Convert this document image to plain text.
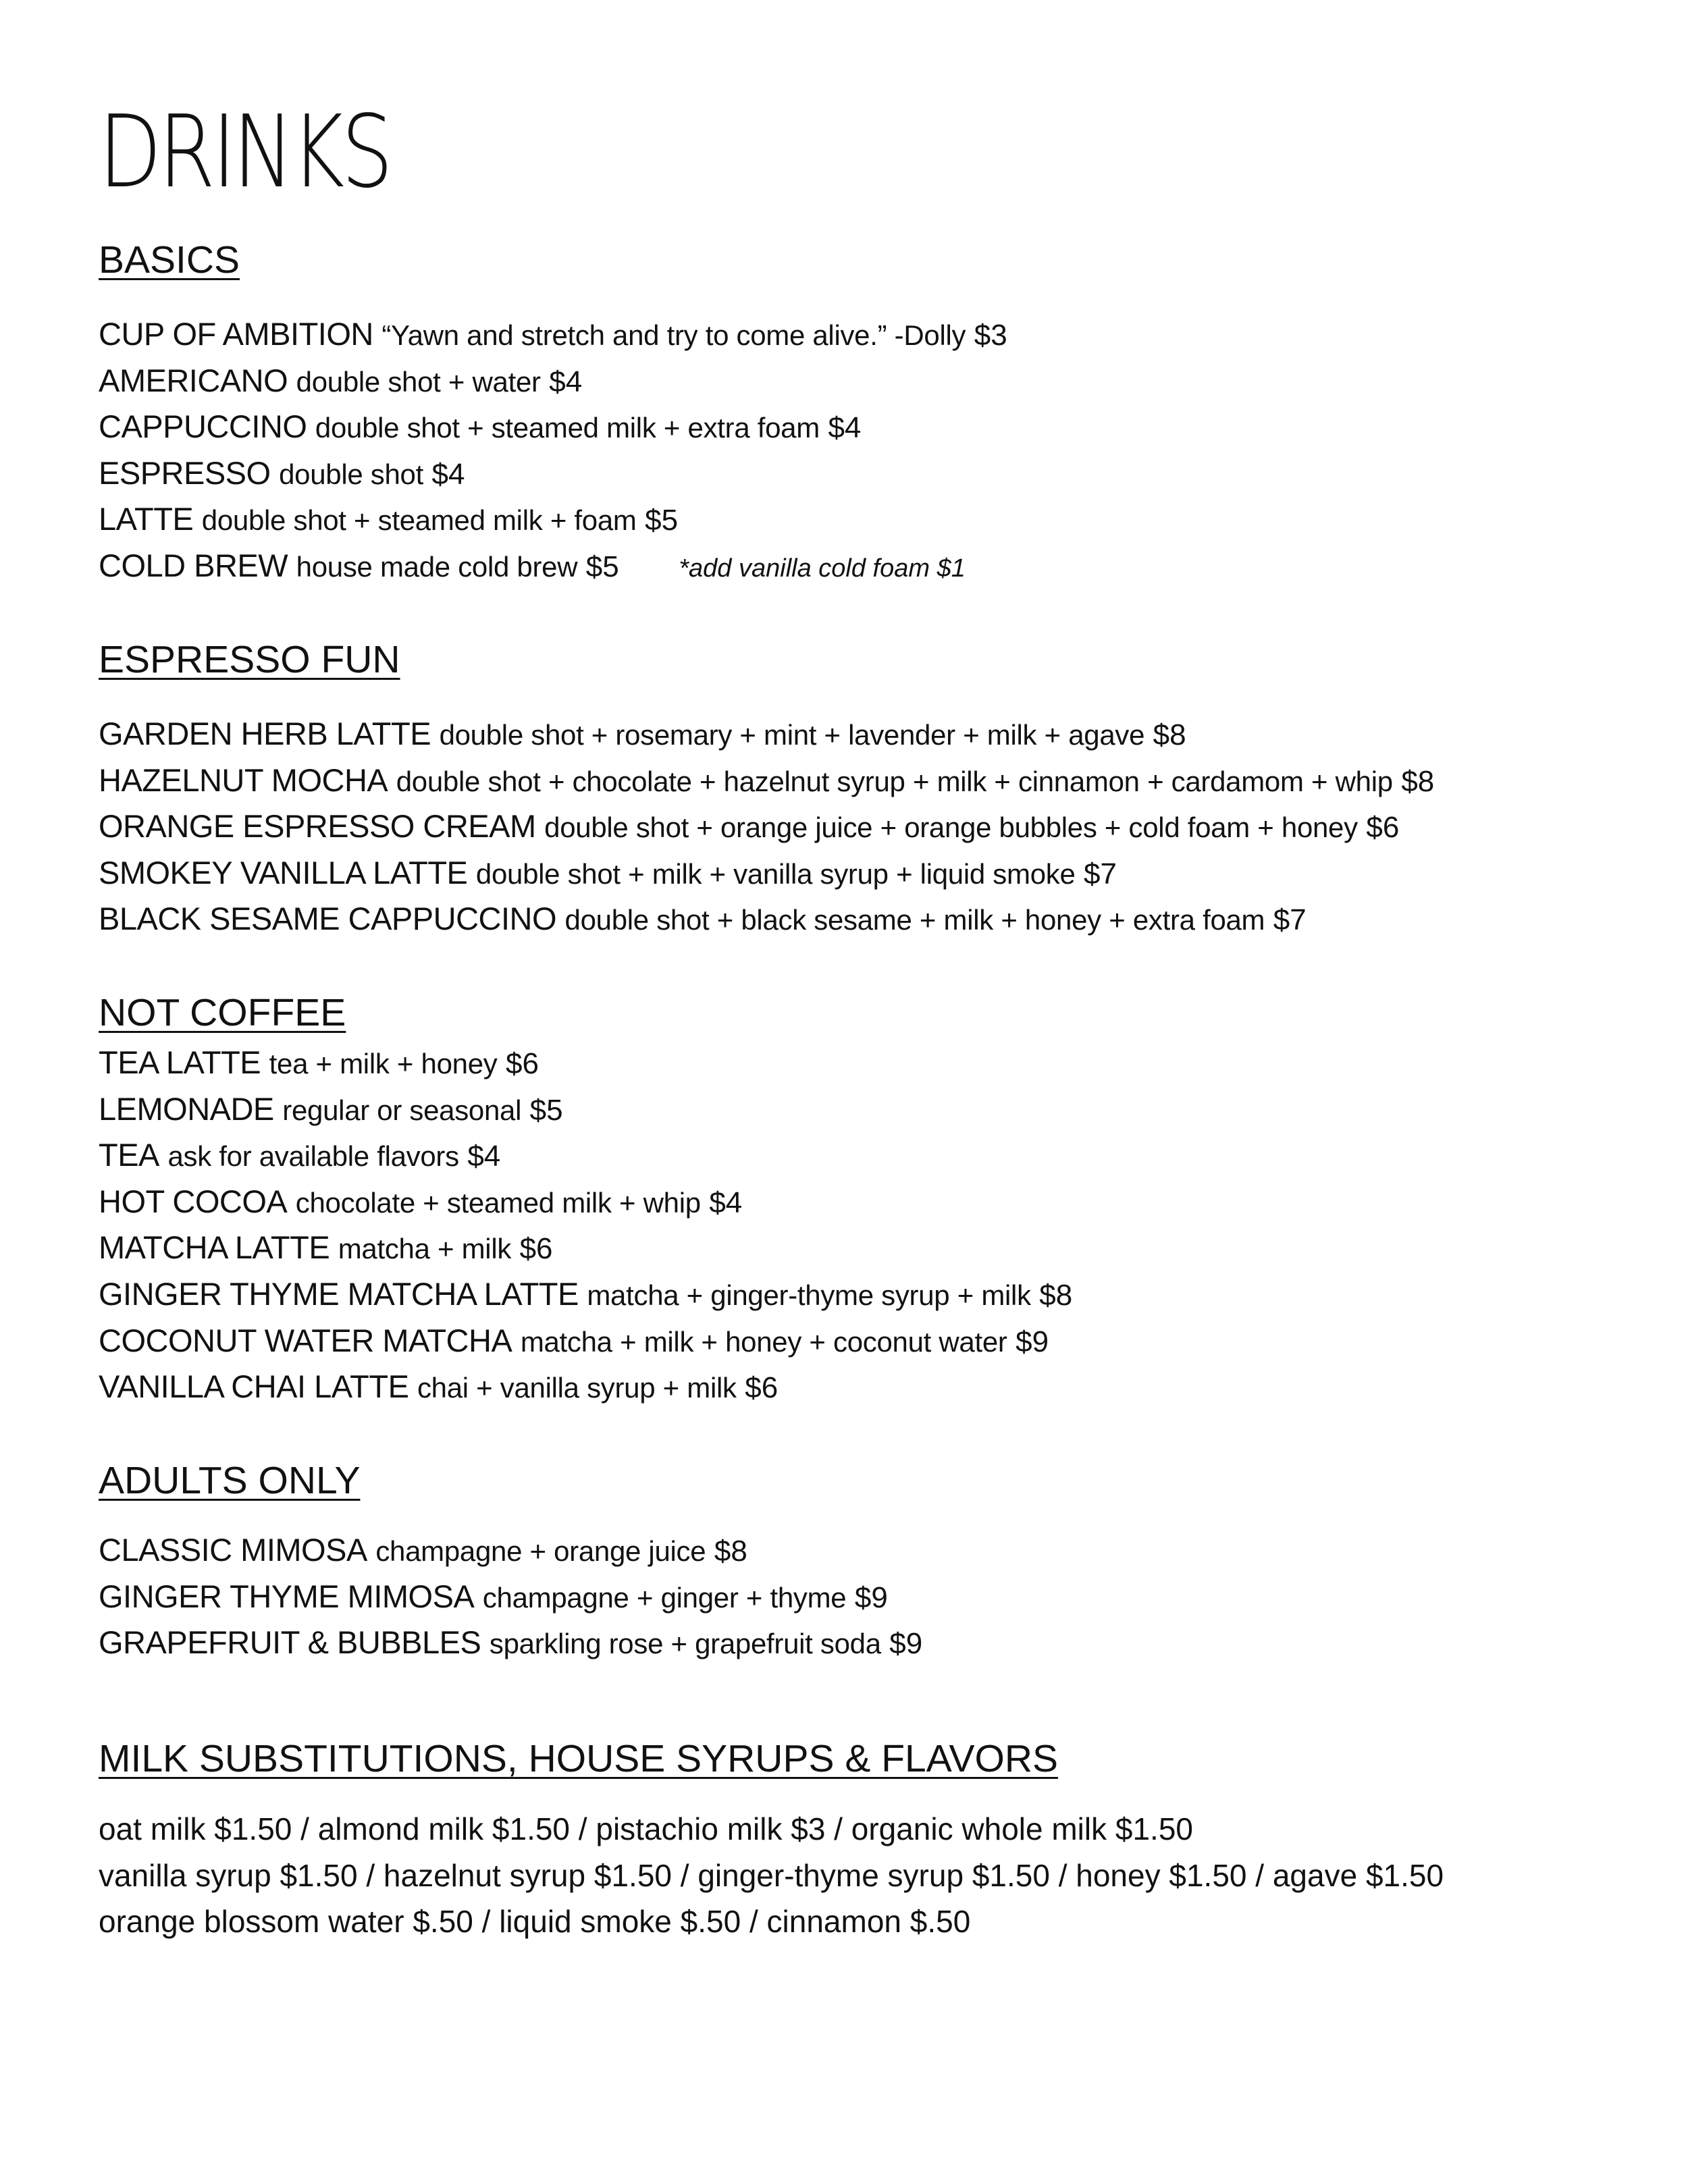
DRINKS
BASICS
CUP OF AMBITION “Yawn and stretch and try to come alive.” -Dolly $3
AMERICANO double shot + water $4
CAPPUCCINO double shot + steamed milk + extra foam $4
ESPRESSO double shot $4
LATTE double shot + steamed milk + foam $5
COLD BREW house made cold brew $5 *add vanilla cold foam $1
ESPRESSO FUN
GARDEN HERB LATTE double shot + rosemary + mint + lavender + milk + agave $8
HAZELNUT MOCHA double shot + chocolate + hazelnut syrup + milk + cinnamon + cardamom + whip $8
ORANGE ESPRESSO CREAM double shot + orange juice + orange bubbles + cold foam + honey $6
SMOKEY VANILLA LATTE double shot + milk + vanilla syrup + liquid smoke $7
BLACK SESAME CAPPUCCINO double shot + black sesame + milk + honey + extra foam $7
NOT COFFEE
TEA LATTE tea + milk + honey $6
LEMONADE regular or seasonal $5
TEA ask for available flavors $4
HOT COCOA chocolate + steamed milk + whip $4
MATCHA LATTE matcha + milk $6
GINGER THYME MATCHA LATTE matcha + ginger-thyme syrup + milk $8
COCONUT WATER MATCHA matcha + milk + honey + coconut water $9
VANILLA CHAI LATTE chai + vanilla syrup + milk $6
ADULTS ONLY
CLASSIC MIMOSA champagne + orange juice $8
GINGER THYME MIMOSA champagne + ginger + thyme $9
GRAPEFRUIT & BUBBLES sparkling rose + grapefruit soda $9
MILK SUBSTITUTIONS, HOUSE SYRUPS & FLAVORS
oat milk $1.50 / almond milk $1.50 / pistachio milk $3 / organic whole milk $1.50
vanilla syrup $1.50 / hazelnut syrup $1.50 / ginger-thyme syrup $1.50 / honey $1.50 / agave $1.50
orange blossom water $.50 / liquid smoke $.50 / cinnamon $.50
